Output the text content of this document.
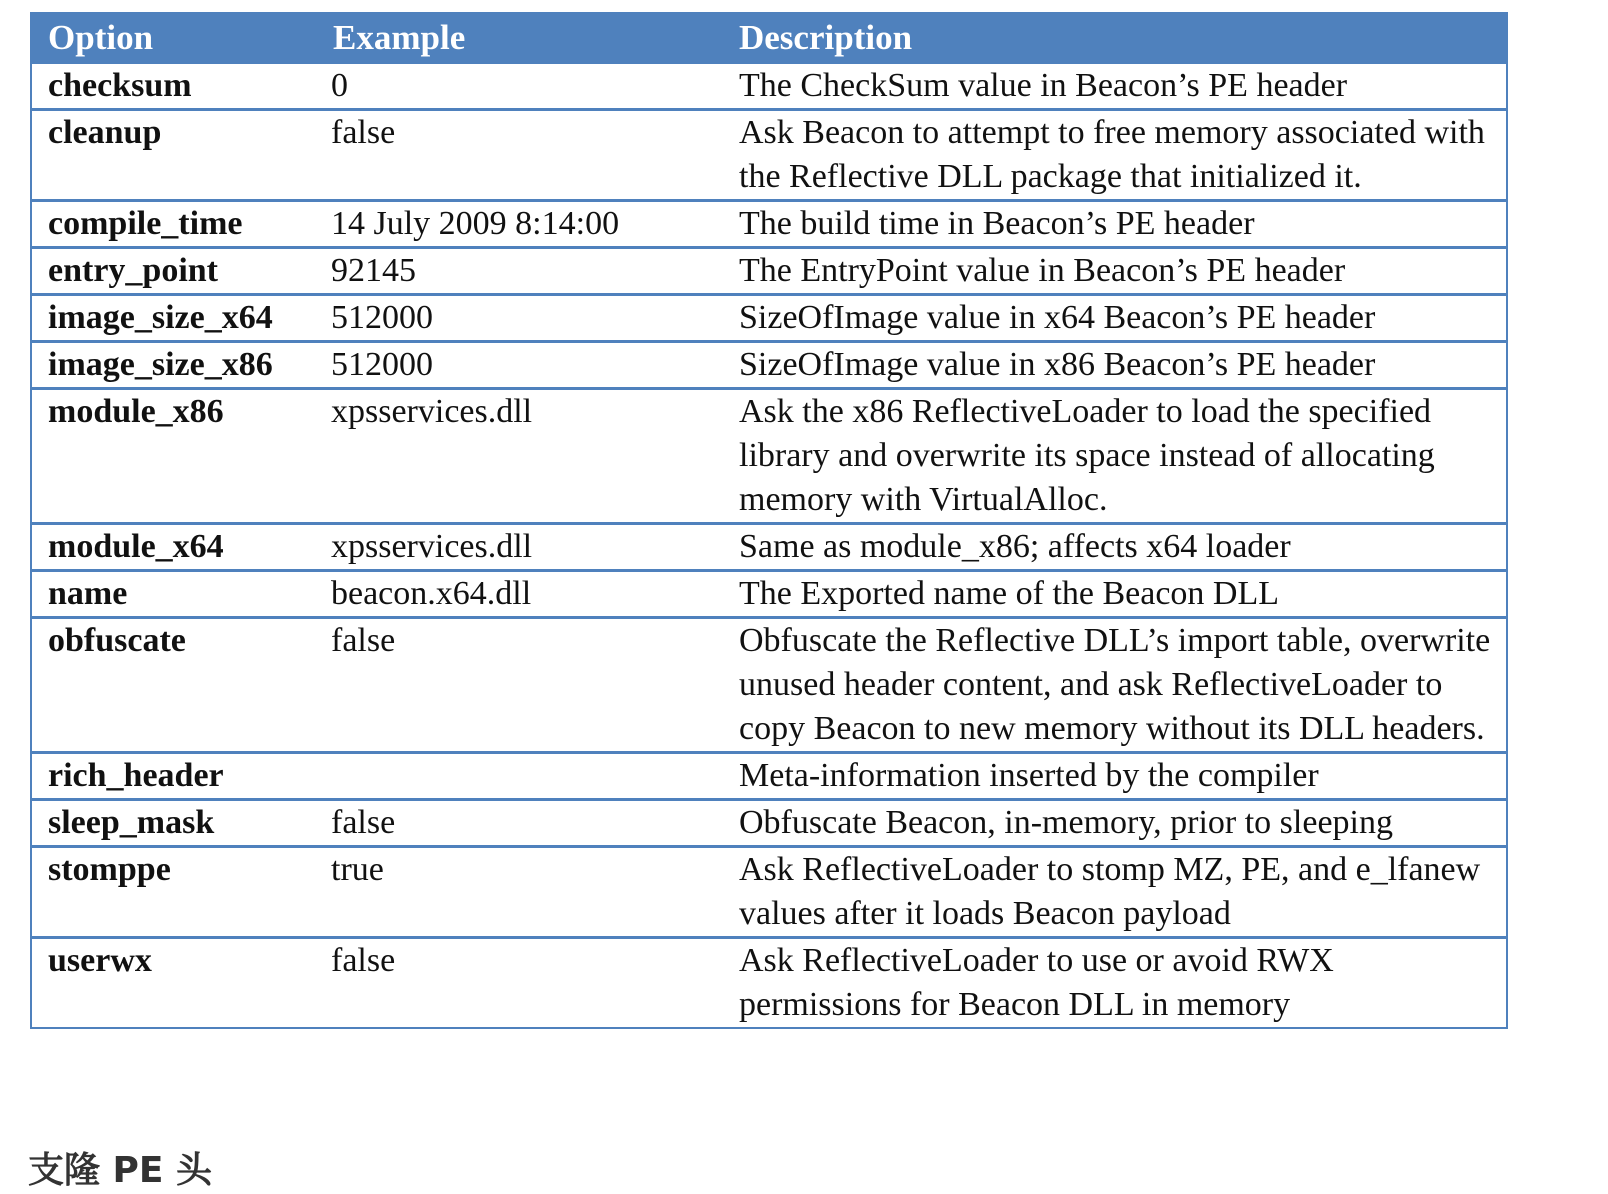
Option	Example	Description
checksum	0	The CheckSum value in Beacon’s PE header
cleanup	false	Ask Beacon to attempt to free memory associated with the Reflective DLL package that initialized it.
compile_time	14 July 2009 8:14:00	The build time in Beacon’s PE header
entry_point	92145	The EntryPoint value in Beacon’s PE header
image_size_x64	512000	SizeOfImage value in x64 Beacon’s PE header
image_size_x86	512000	SizeOfImage value in x86 Beacon’s PE header
module_x86	xpsservices.dll	Ask the x86 ReflectiveLoader to load the specified library and overwrite its space instead of allocating memory with VirtualAlloc.
module_x64	xpsservices.dll	Same as module_x86; affects x64 loader
name	beacon.x64.dll	The Exported name of the Beacon DLL
obfuscate	false	Obfuscate the Reflective DLL’s import table, overwrite unused header content, and ask ReflectiveLoader to copy Beacon to new memory without its DLL headers.
rich_header		Meta-information inserted by the compiler
sleep_mask	false	Obfuscate Beacon, in-memory, prior to sleeping
stomppe	true	Ask ReflectiveLoader to stomp MZ, PE, and e_lfanew values after it loads Beacon payload
userwx	false	Ask ReflectiveLoader to use or avoid RWX permissions for Beacon DLL in memory
支隆 PE 头
